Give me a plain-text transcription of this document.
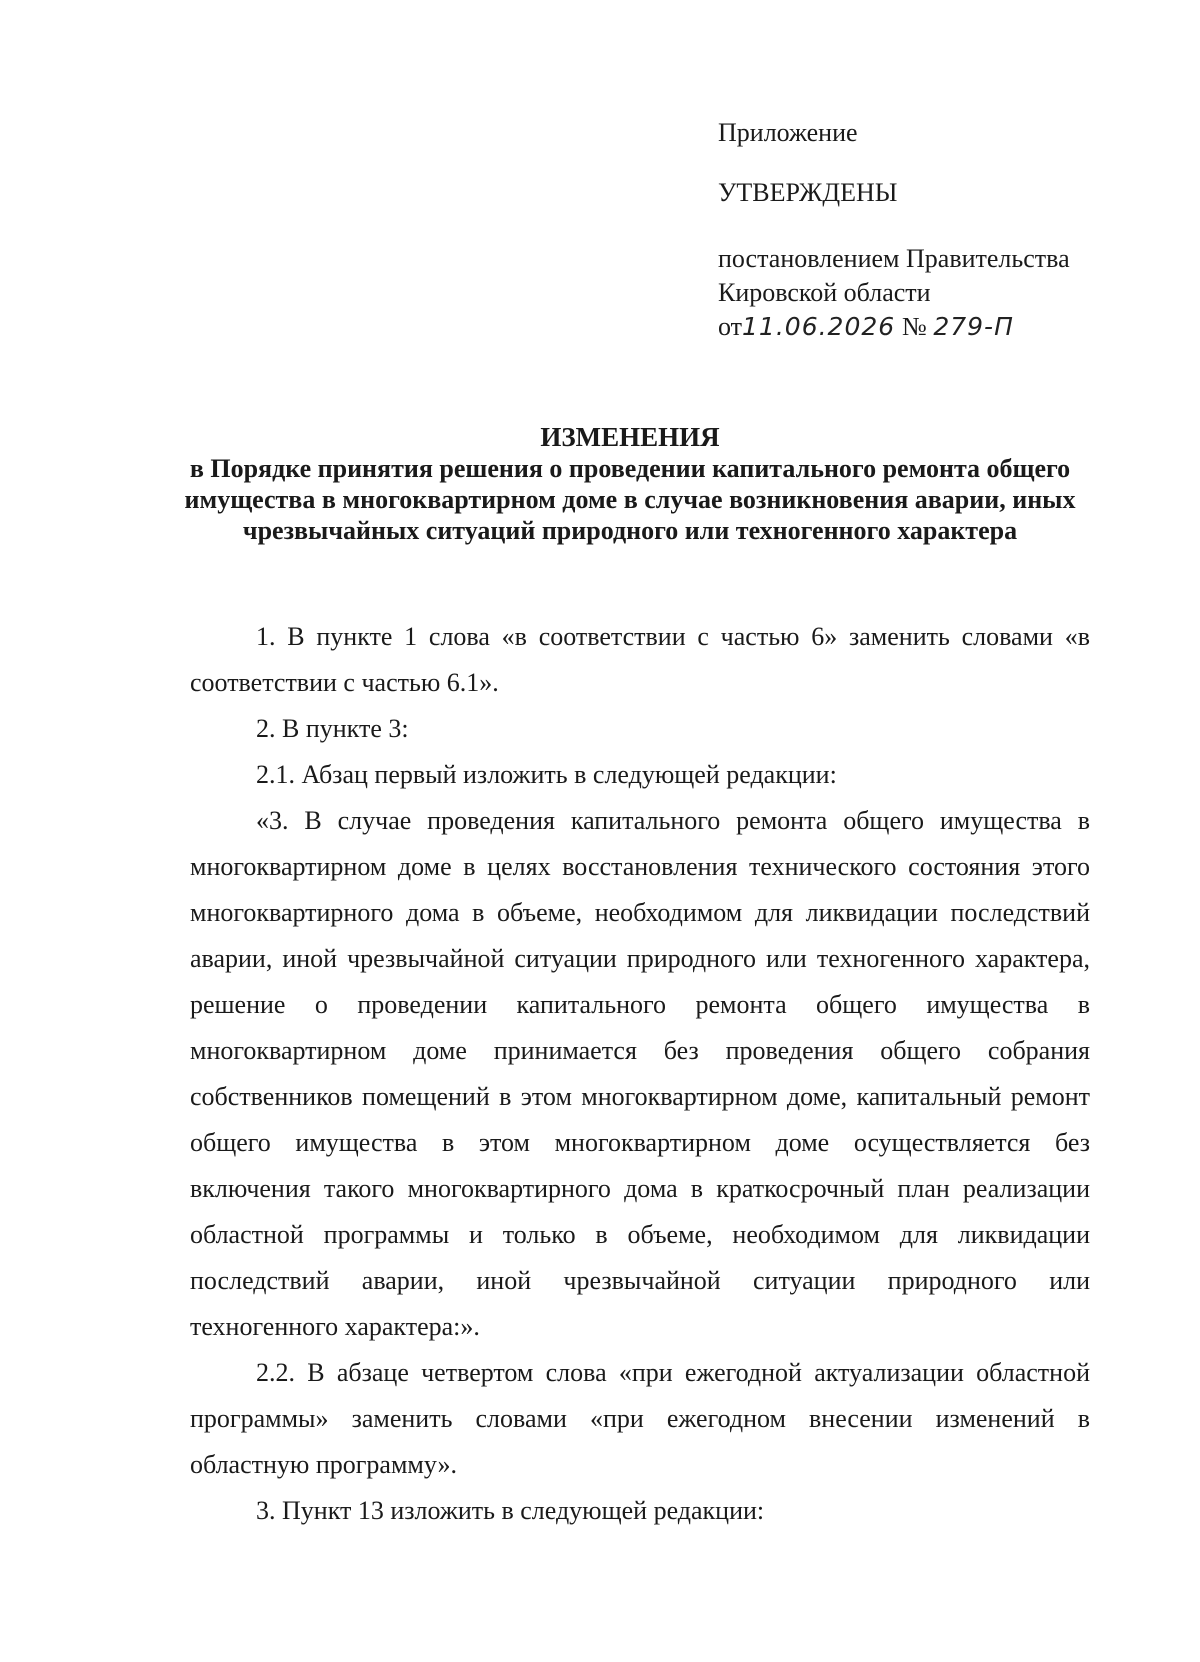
Приложение
УТВЕРЖДЕНЫ
постановлением Правительства
Кировской области
от11.06.2026 № 279-П
ИЗМЕНЕНИЯ
в Порядке принятия решения о проведении капитального ремонта общего имущества в многоквартирном доме в случае возникновения аварии, иных чрезвычайных ситуаций природного или техногенного характера

1. В пункте 1 слова «в соответствии с частью 6» заменить словами «в соответствии с частью 6.1».

2. В пункте 3:

2.1. Абзац первый изложить в следующей редакции:

«3. В случае проведения капитального ремонта общего имущества в многоквартирном доме в целях восстановления технического состояния этого многоквартирного дома в объеме, необходимом для ликвидации последствий аварии, иной чрезвычайной ситуации природного или техногенного характера, решение о проведении капитального ремонта общего имущества в многоквартирном доме принимается без проведения общего собрания собственников помещений в этом многоквартирном доме, капитальный ремонт общего имущества в этом многоквартирном доме осуществляется без включения такого многоквартирного дома в краткосрочный план реализации областной программы и только в объеме, необходимом для ликвидации последствий аварии, иной чрезвычайной ситуации природного или техногенного характера:».

2.2. В абзаце четвертом слова «при ежегодной актуализации областной программы» заменить словами «при ежегодном внесении изменений в областную программу».

3. Пункт 13 изложить в следующей редакции:
